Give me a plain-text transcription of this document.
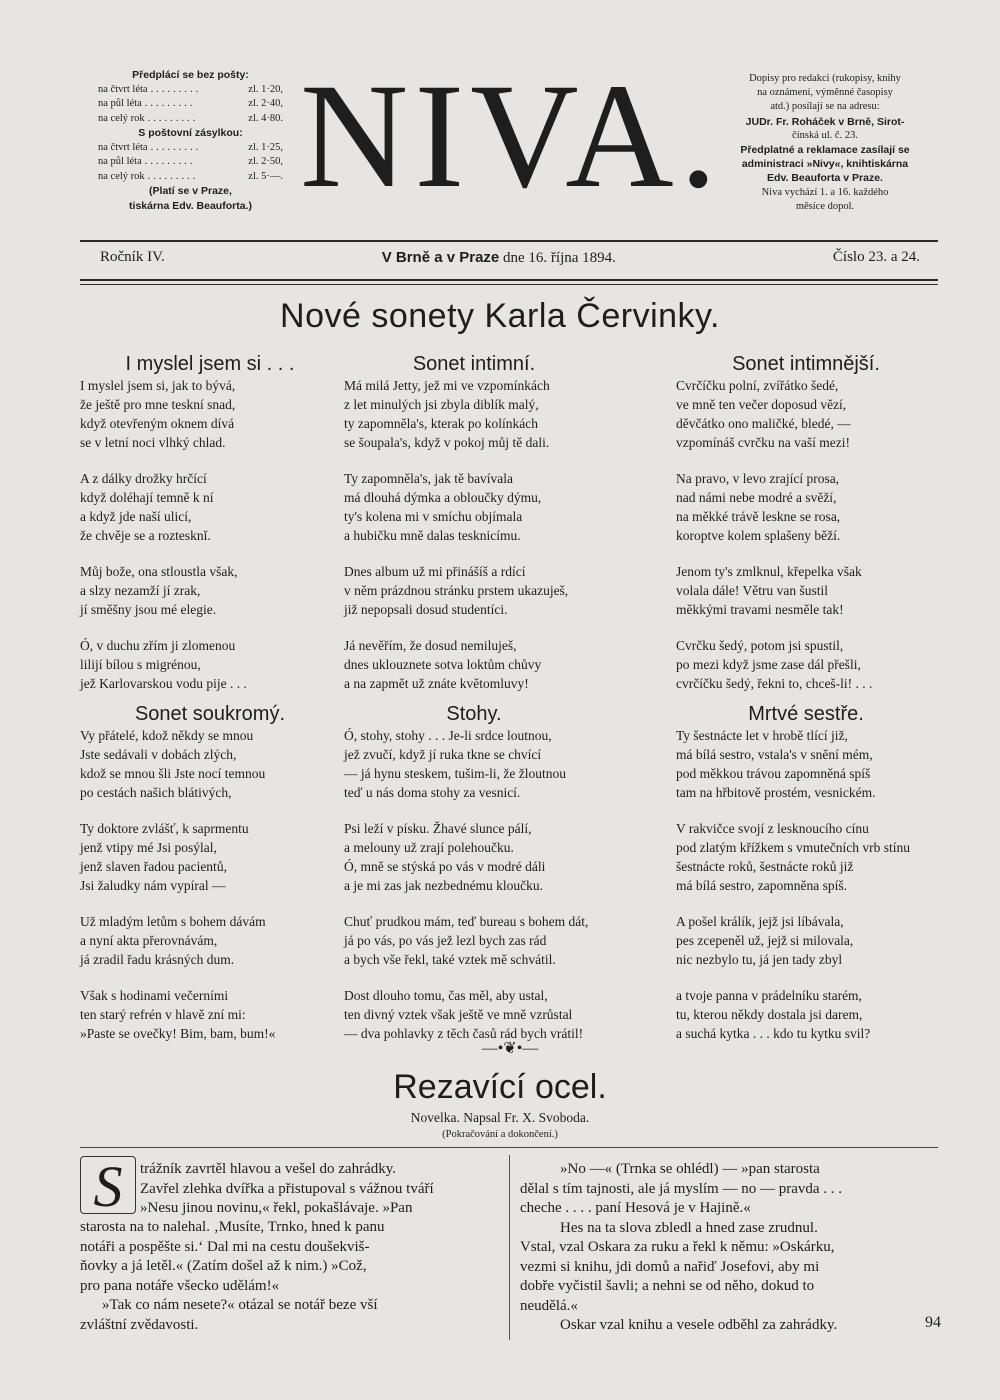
Předplácí se bez pošty:
na čtvrt léta .........	zl. 1·20,
na půl léta .........	zl. 2·40,
na celý rok .........	zl. 4·80.
S poštovní zásylkou:
na čtvrt léta .........	zl. 1·25,
na půl léta .........	zl. 2·50,
na celý rok .........	zl. 5·—.
(Platí se v Praze,
tiskárna Edv. Beauforta.) NIVA.	Dopisy pro redakci (rukopisy, knihy
na oznámení, výměnné časopisy
atd.) posílají se na adresu:
JUDr. Fr. Roháček v Brně, Sirot-
čínská ul. č. 23.
Předplatné a reklamace zasílají se
administraci »Nivy«, knihtiskárna
Edv. Beauforta v Praze.
Niva vychází 1. a 16. každého
měsíce dopol.
Ročník IV.	V Brně a v Praze dne 16. října 1894.	Číslo 23. a 24.
Nové sonety Karla Červinky.
I myslel jsem si . . .
I myslel jsem si, jak to bývá,
že ještě pro mne teskní snad,
když otevřeným oknem dívá
se v letní noci vlhký chlad.
A z dálky drožky hrčící
když doléhají temně k ní
a když jde naší ulicí,
že chvěje se a roztesknĭ.
Můj bože, ona stloustla však,
a slzy nezamží jí zrak,
jí směšny jsou mé elegie.
Ó, v duchu zřím ji zlomenou
lilijí bílou s migrénou,
jež Karlovarskou vodu pije . . .
Sonet intimní.
Má milá Jetty, jež mi ve vzpomínkách
z let minulých jsi zbyla diblík malý,
ty zapomněla's, kterak po kolínkách
se šoupala's, když v pokoj můj tě dali.
Ty zapomněla's, jak tě bavívala
má dlouhá dýmka a obloučky dýmu,
ty's kolena mi v smíchu objímala
a hubičku mně dalas tesknicímu.
Dnes album už mi přinášíš a rdící
v něm prázdnou stránku prstem ukazuješ,
již nepopsali dosud studentíci.
Já nevěřím, že dosud nemiluješ,
dnes uklouznete sotva loktům chůvy
a na zapmět už znáte květomluvy!
Sonet intimnější.
Cvrčíčku polní, zvířátko šedé,
ve mně ten večer doposud vězí,
děvčátko ono maličké, bledé, —
vzpomínáš cvrčku na vaší mezi!
Na pravo, v levo zrající prosa,
nad námi nebe modré a svěží,
na měkké trávě lesknе se rosa,
koroptve kolem splašeny běží.
Jenom ty's zmlknul, křepelka však
volala dále! Větru van šustil
měkkými travami nesměle tak!
Cvrčku šedý, potom jsi spustil,
po mezi když jsme zase dál přešli,
cvrčíčku šedý, řekni to, chceš-li! . . .
Sonet soukromý.
Vy přátelé, kdož někdy se mnou
Jste sedávali v dobách zlých,
kdož se mnou šli Jste nocí temnou
po cestách našich blátivých,
Ty doktore zvlášť, k saprmentu
jenž vtipy mé Jsi posýlal,
jenž slaven řadou pacientů,
Jsi žaludky nám vypíral —
Už mladým letům s bohem dávám
a nyní akta přerovnávám,
já zradil řadu krásných dum.
Však s hodinami večerními
ten starý refrén v hlavě zní mi:
»Paste se ovečky! Bim, bam, bum!«
Stohy.
Ó, stohy, stohy . . . Je-li srdce loutnou,
jež zvučí, když jí ruka tkne se chvící
— já hynu steskem, tušim-li, že žloutnou
teď u nás doma stohy za vesnicí.
Psi leží v písku. Žhavé slunce pálí,
a melouny už zrají polehoučku.
Ó, mně se stýská po vás v modré dáli
a je mi zas jak nezbednému kloučku.
Chuť prudkou mám, teď bureau s bohem dát,
já po vás, po vás jež lezl bych zas rád
a bych vše řekl, také vztek mě schvátil.
Dost dlouho tomu, čas měl, aby ustal,
ten divný vztek však ještě ve mně vzrůstal
— dva pohlavky z těch časů rád bych vrátil!
Mrtvé sestře.
Ty šestnácte let v hrobě tlící již,
má bílá sestro, vstala's v snění mém,
pod měkkou trávou zapomněná spíš
tam na hřbitově prostém, vesnickém.
V rakvičce svojí z lesknoucího cínu
pod zlatým křížkem s vmutečních vrb stínu
šestnácte roků, šestnácte roků již
má bílá sestro, zapomněna spíš.
A pošel králík, jejž jsi líbávala,
pes zcepeněl už, jejž si milovala,
nic nezbylo tu, já jen tady zbyl
a tvoje panna v prádelníku starém,
tu, kterou někdy dostala jsi darem,
a suchá kytka . . . kdo tu kytku svil?
—•❦•—
Rezavící ocel.
Novelka. Napsal Fr. X. Svoboda.
(Pokračování a dokončení.)
S	trážník zavrtěl hlavou a vešel do zahrádky.
Zavřel zlehka dvířka a přistupoval s vážnou tváří
»Nesu jinou novinu,« řekl, pokašlávaje. »Pan
starosta na to nalehal. ‚Musíte, Trnko, hned k panu
notáři a pospěšte si.‘ Dal mi na cestu doušekviš-
ňovky a já letěl.« (Zatím došel až k nim.) »Což,
pro pana notáře všecko udělám!«
»Tak co nám nesete?« otázal se notář beze vší
zvláštní zvědavosti.
»No —« (Trnka se ohlédl) — »pan starosta
dělal s tím tajnosti, ale já myslím — no — pravda . . .
cheche . . . . paní Hesová je v Hajině.«
Hes na ta slova zbledl a hned zase zrudnul.
Vstal, vzal Oskara za ruku a řekl k němu: »Oskárku,
vezmi si knihu, jdi domů a nařiď Josefovi, aby mi
dobře vyčistil šavli; a nehni se od něho, dokud to
neudělá.«
Oskar vzal knihu a vesele odběhl za zahrádky.	94
